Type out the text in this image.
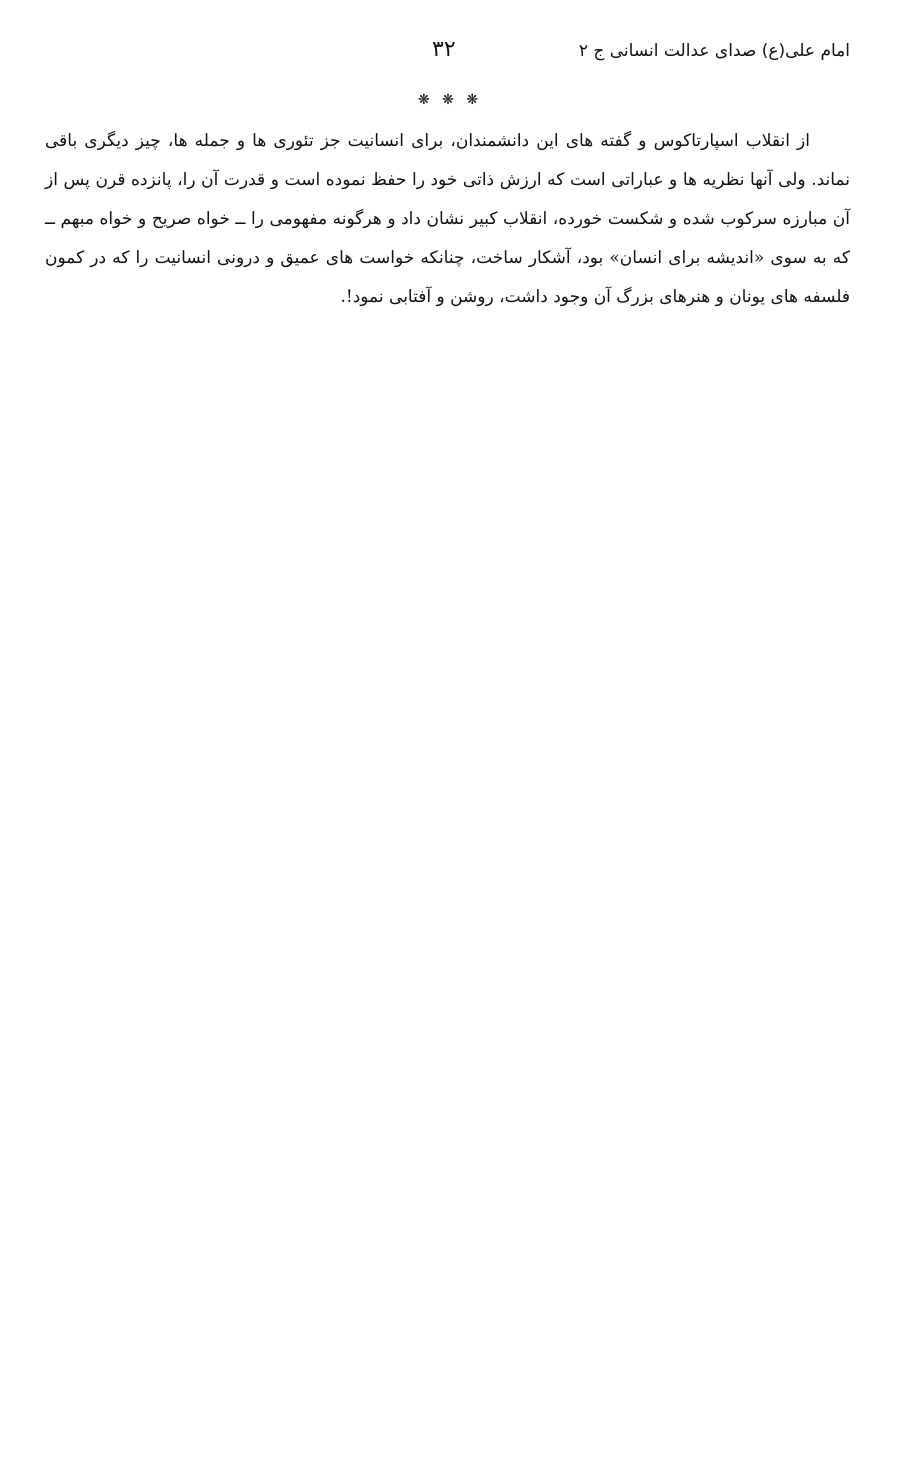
امام علی(ع) صدای عدالت انسانی ج ۲
۳۲
❋ ❋ ❋

از انقلاب اسپارتاکوس و گفته های این دانشمندان، برای انسانیت جز تئوری ها و جمله ها، چیز دیگری باقی نماند. ولی آنها نظریه ها و عباراتی است که ارزش ذاتی خود را حفظ نموده است و قدرت آن را، پانزده قرن پس از آن مبارزه سرکوب شده و شکست خورده، انقلاب کبیر نشان داد و هرگونه مفهومی را ــ خواه صریح و خواه مبهم ــ که به سوی «اندیشه برای انسان» بود، آشکار ساخت، چنانکه خواست های عمیق و درونی انسانیت را که در کمون فلسفه های یونان و هنرهای بزرگ آن وجود داشت، روشن و آفتابی نمود!.
